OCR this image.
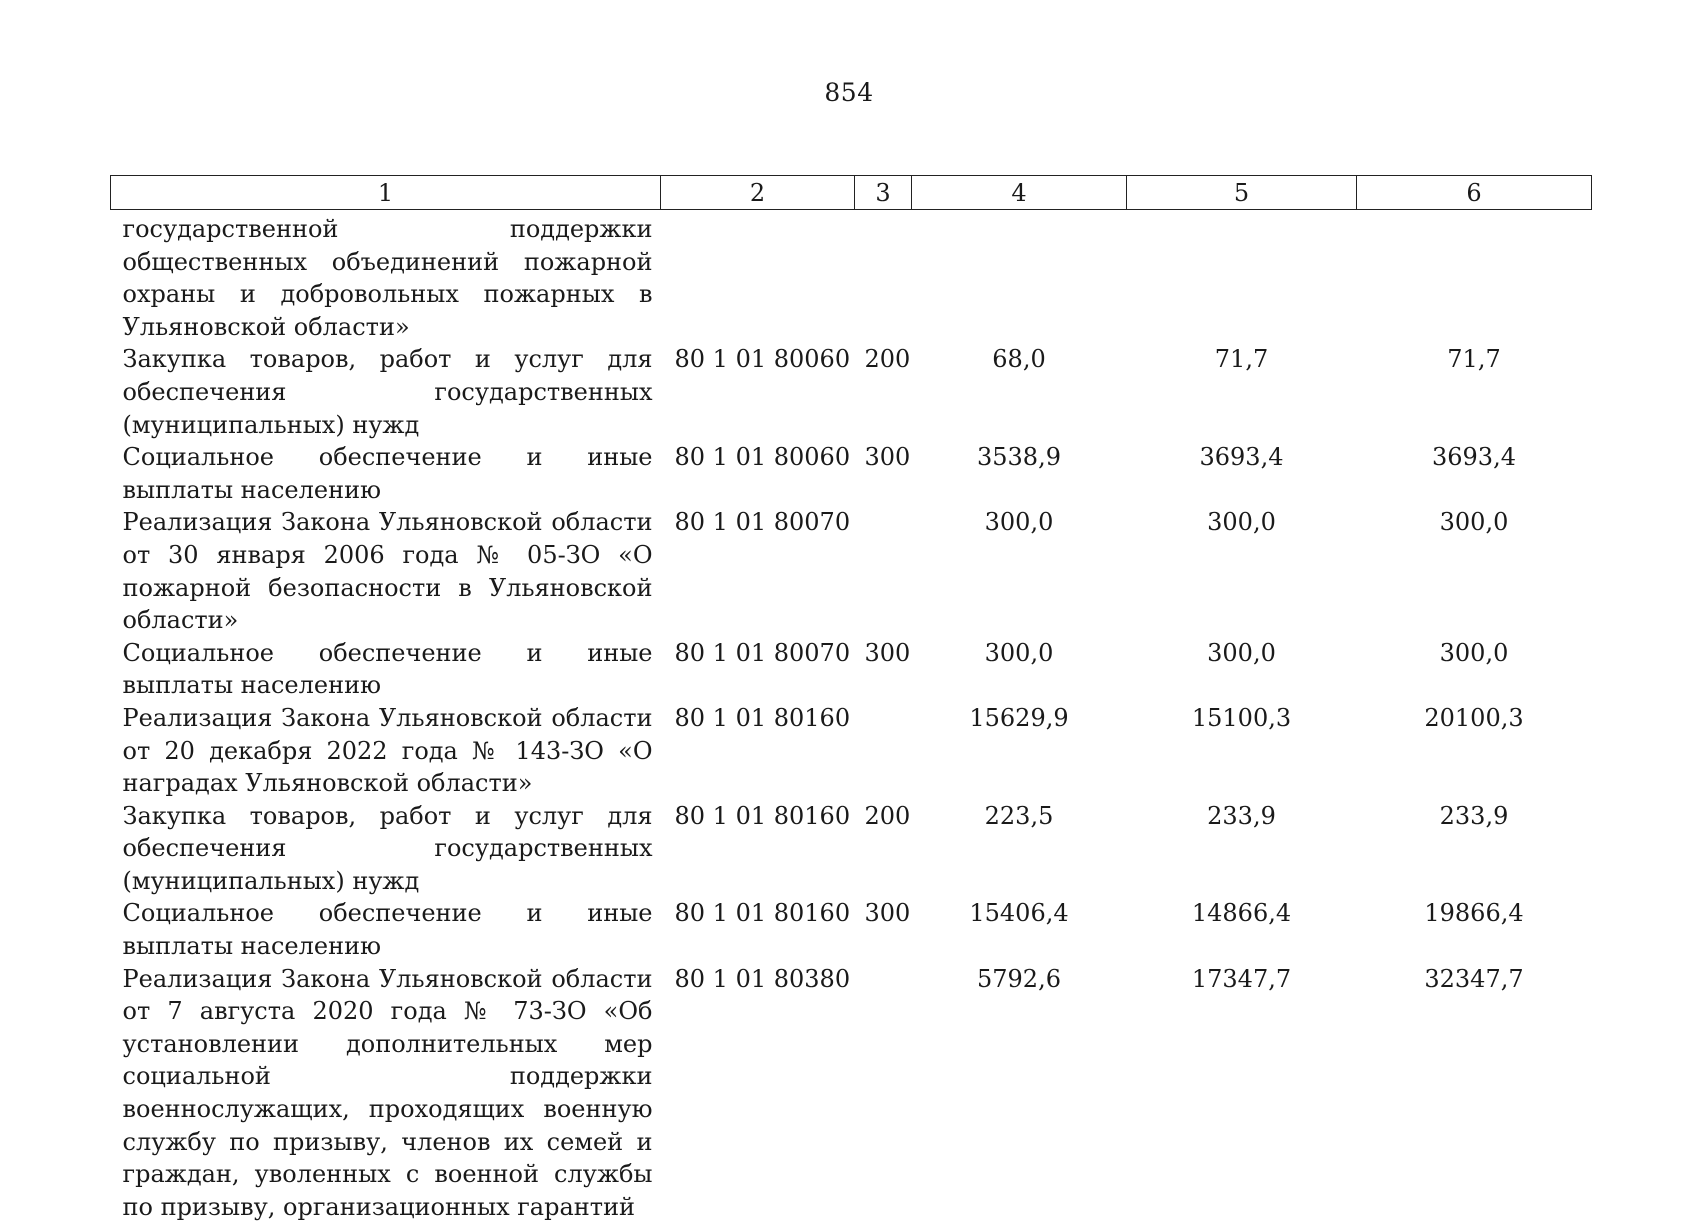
854
1	2	3	4	5	6
государственной поддержки общественных объединений пожарной охраны и добровольных пожарных в Ульяновской области»					
Закупка товаров, работ и услуг для обеспечения государственных (муниципальных) нужд	80 1 01 80060	200	68,0	71,7	71,7
Социальное обеспечение и иные выплаты населению	80 1 01 80060	300	3538,9	3693,4	3693,4
Реализация Закона Ульяновской области от 30 января 2006 года № 05-ЗО «О пожарной безопасности в Ульяновской области»	80 1 01 80070		300,0	300,0	300,0
Социальное обеспечение и иные выплаты населению	80 1 01 80070	300	300,0	300,0	300,0
Реализация Закона Ульяновской области от 20 декабря 2022 года № 143-ЗО «О наградах Ульяновской области»	80 1 01 80160		15629,9	15100,3	20100,3
Закупка товаров, работ и услуг для обеспечения государственных (муниципальных) нужд	80 1 01 80160	200	223,5	233,9	233,9
Социальное обеспечение и иные выплаты населению	80 1 01 80160	300	15406,4	14866,4	19866,4
Реализация Закона Ульяновской области от 7 августа 2020 года № 73-ЗО «Об установлении дополнительных мер социальной поддержки военнослужащих, проходящих военную службу по призыву, членов их семей и граждан, уволенных с военной службы по призыву, организационных гарантий	80 1 01 80380		5792,6	17347,7	32347,7
